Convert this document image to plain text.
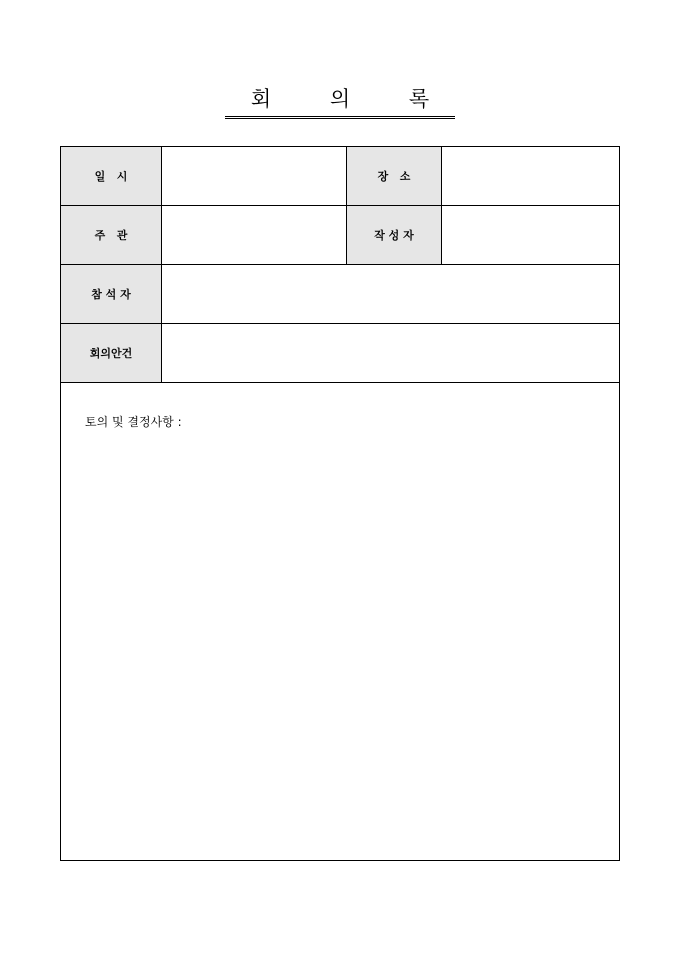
회 의 록
일   시		장   소	
주   관		작 성 자	
참 석 자			
회의안건			

토의 및 결정사항 :			
